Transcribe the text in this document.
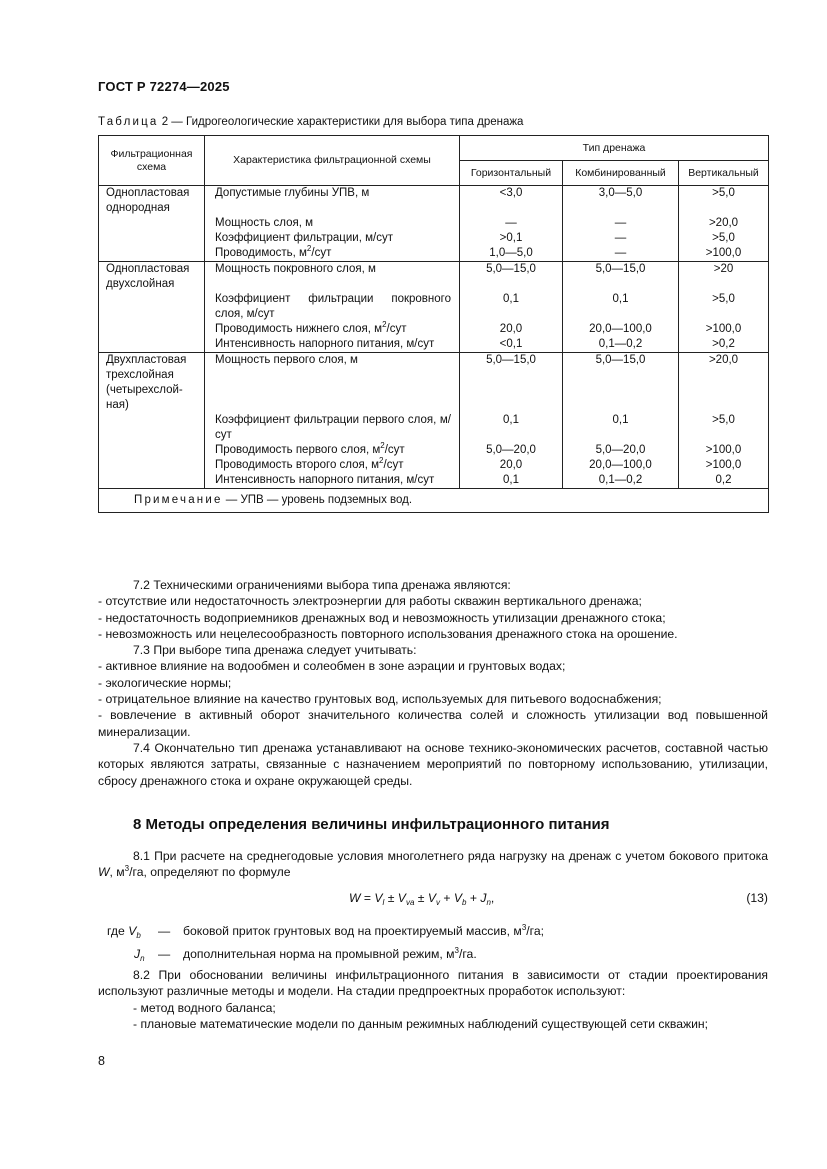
ГОСТ Р 72274—2025
Таблица 2 — Гидрогеологические характеристики для выбора типа дренажа
Фильтрационная схема	Характеристика фильтрационной схемы	Тип дренажа		
		Горизонтальный	Комбинированный	Вертикальный
Однопластовая однородная	Допустимые глубины УПВ, м	<3,0	3,0—5,0	>5,0
	Мощность слоя, м	—	—	>20,0
	Коэффициент фильтрации, м/сут	>0,1	—	>5,0
	Проводимость, $м^2$/сут	1,0—5,0	—	>100,0
Однопластовая двухслойная	Мощность покровного слоя, м	5,0—15,0	5,0—15,0	>20
	Коэффициент фильтрации покровного слоя, м/сут	0,1	0,1	>5,0
	Проводимость нижнего слоя, $м^2$/сут	20,0	20,0—100,0	>100,0
	Интенсивность напорного питания, м/сут	<0,1	0,1—0,2	>0,2
Двухпластовая трехслойная (четырехслой-ная)	Мощность первого слоя, м	5,0—15,0	5,0—15,0	>20,0
	Коэффициент фильтрации первого слоя, м/сут	0,1	0,1	>5,0
	Проводимость первого слоя, $м^2$/сут	5,0—20,0	5,0—20,0	>100,0
	Проводимость второго слоя, $м^2$/сут	20,0	20,0—100,0	>100,0
	Интенсивность напорного питания, м/сут	0,1	0,1—0,2	0,2
Примечание — УПВ — уровень подземных вод.				

7.2 Техническими ограничениями выбора типа дренажа являются:

- отсутствие или недостаточность электроэнергии для работы скважин вертикального дренажа;

- недостаточность водоприемников дренажных вод и невозможность утилизации дренажного стока;

- невозможность или нецелесообразность повторного использования дренажного стока на орошение.

7.3 При выборе типа дренажа следует учитывать:

- активное влияние на водообмен и солеобмен в зоне аэрации и грунтовых водах;

- экологические нормы;

- отрицательное влияние на качество грунтовых вод, используемых для питьевого водоснабжения;

- вовлечение в активный оборот значительного количества солей и сложность утилизации вод повышенной минерализации.

7.4 Окончательно тип дренажа устанавливают на основе технико-экономических расчетов, составной частью которых являются затраты, связанные с назначением мероприятий по повторному использованию, утилизации, сбросу дренажного стока и охране окружающей среды.

8 Методы определения величины инфильтрационного питания

8.1 При расчете на среднегодовые условия многолетнего ряда нагрузку на дренаж с учетом бокового притока W, $м^3/га$, определяют по формуле

$W = V_l \pm V_{va} \pm V_v + V_b + J_n$,	(13)
где $V_b$ — боковой приток грунтовых вод на проектируемый массив, $м^3/га$;
$J_n$ — дополнительная норма на промывной режим, $м^3/га$.

8.2 При обосновании величины инфильтрационного питания в зависимости от стадии проектирования используют различные методы и модели. На стадии предпроектных проработок используют:

- метод водного баланса;

- плановые математические модели по данным режимных наблюдений существующей сети скважин;

8
